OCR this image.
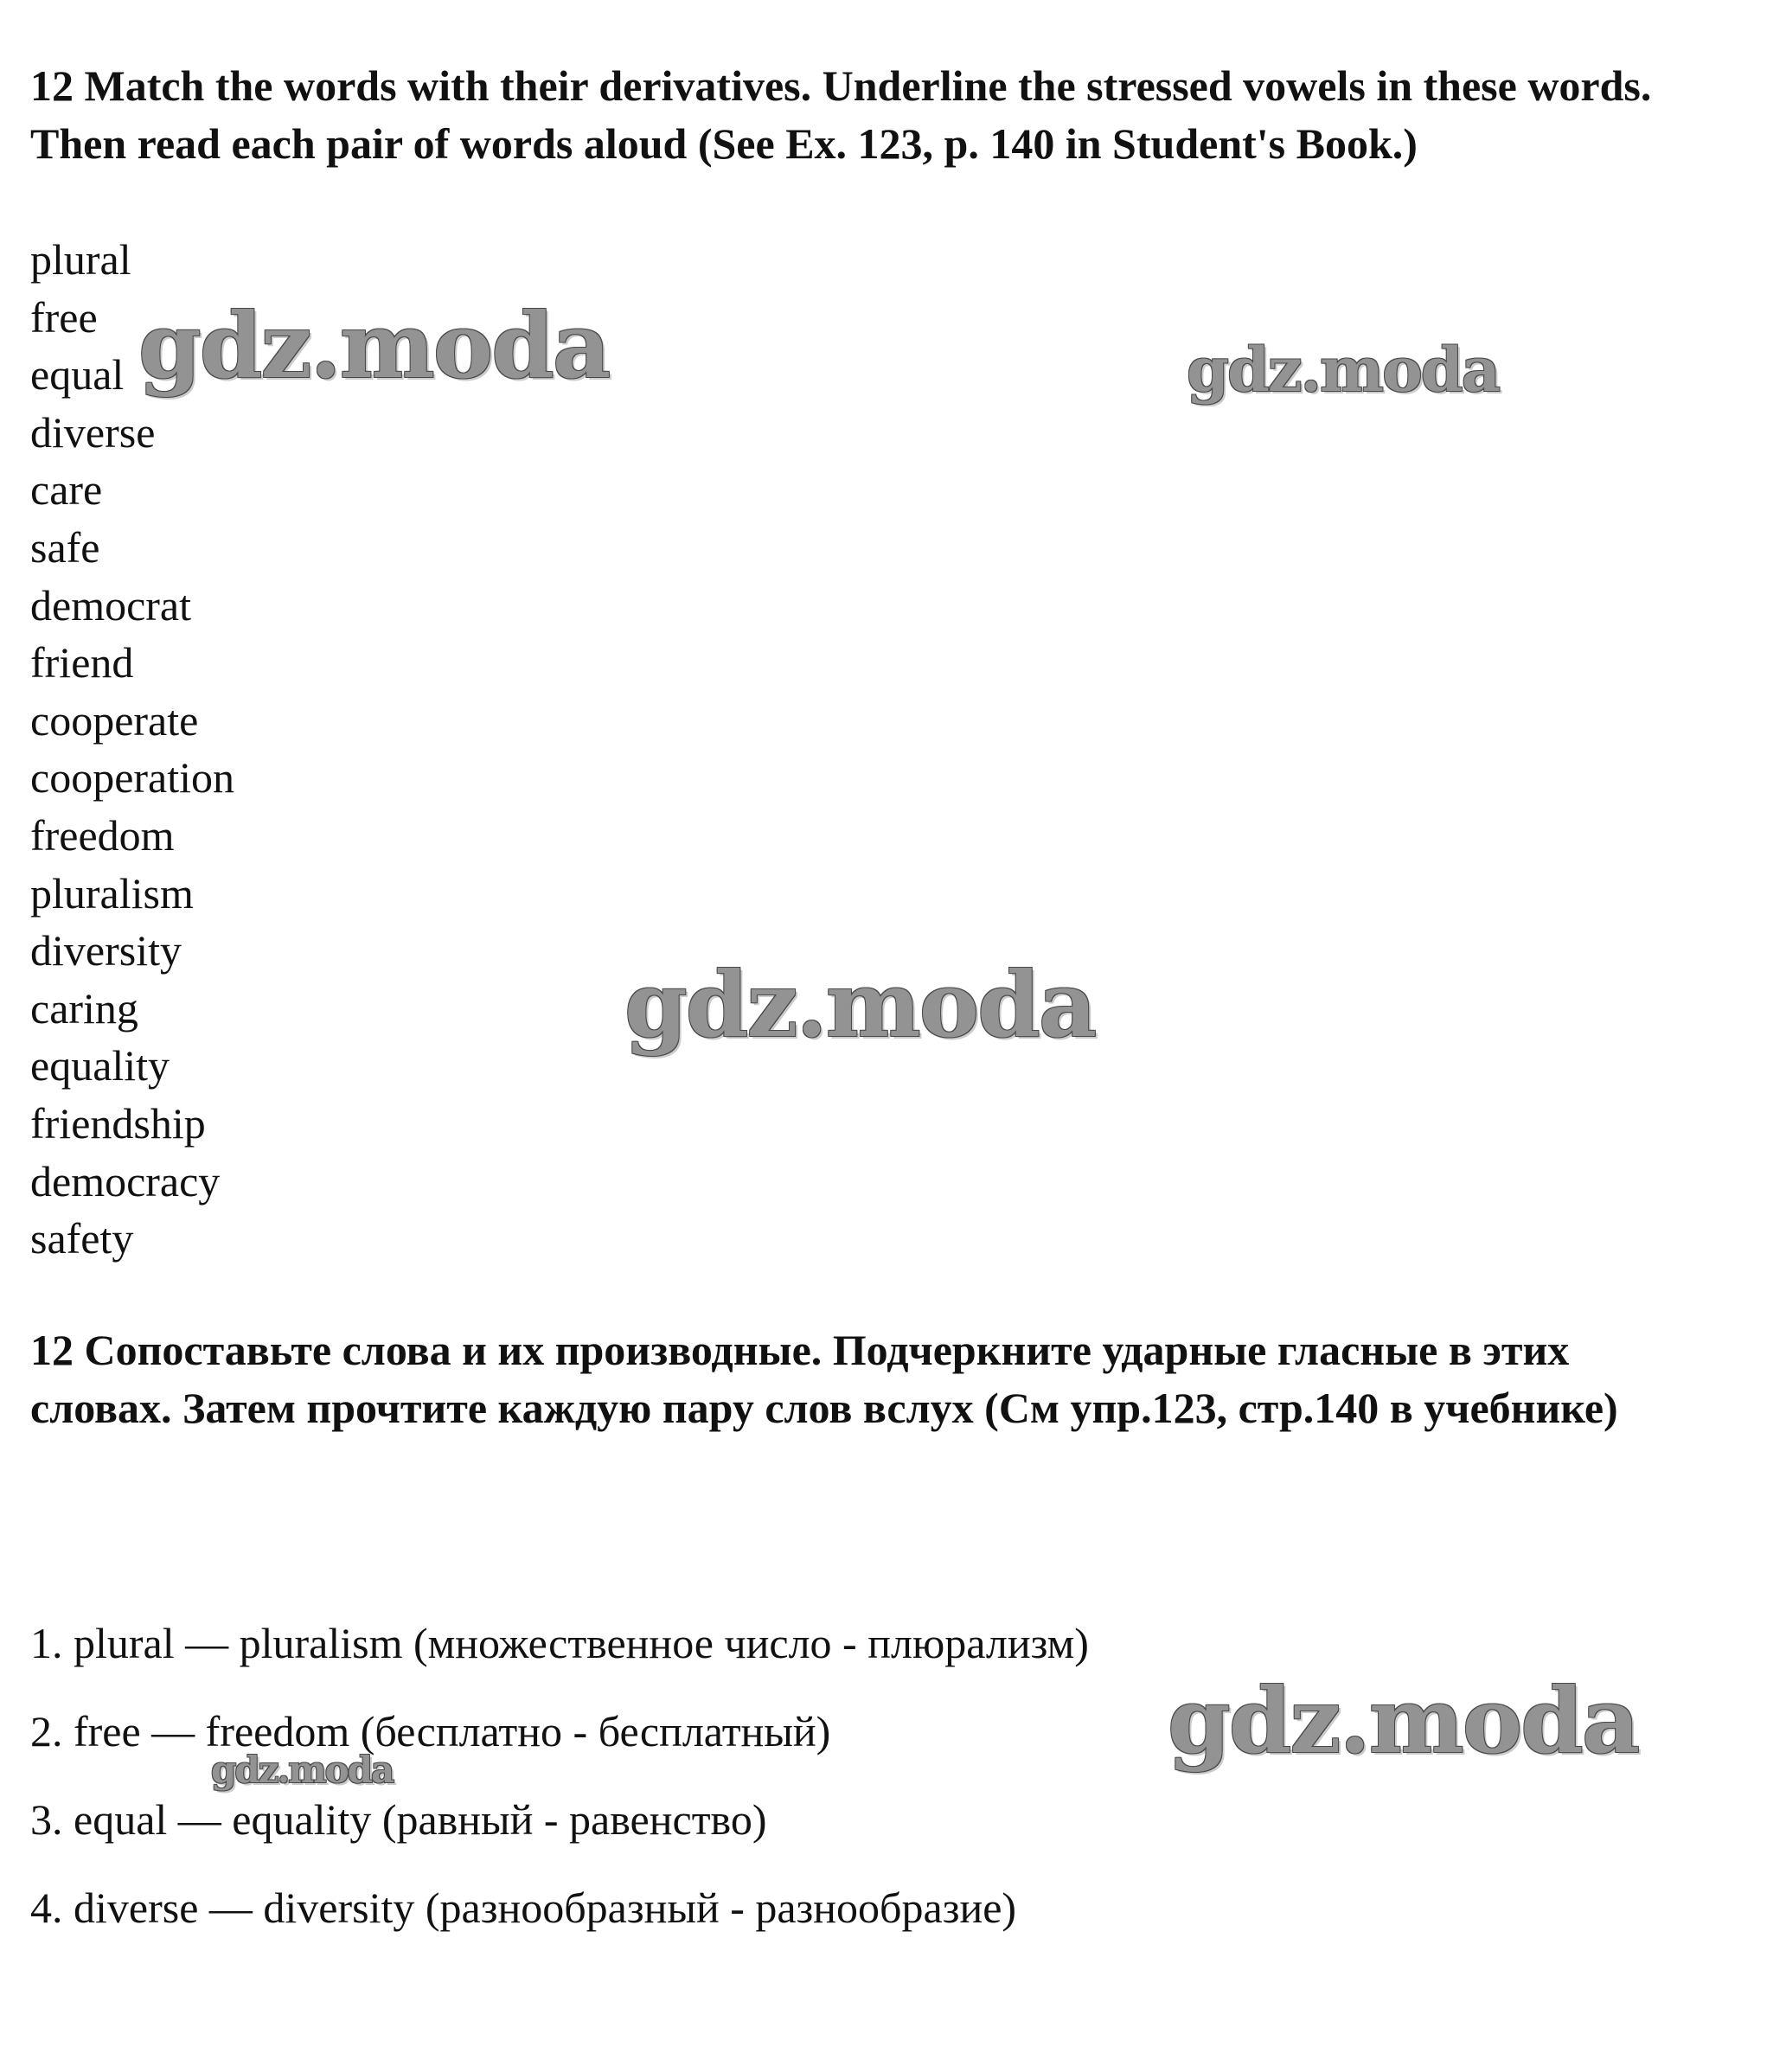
12 Match the words with their derivatives. Underline the stressed vowels in these words. Then read each pair of words aloud (See Ex. 123, p. 140 in Student's Book.)

plural
free
equal
diverse
care
safe
democrat
friend
cooperate
cooperation
freedom
pluralism
diversity
caring
equality
friendship
democracy
safety

12 Сопоставьте слова и их производные. Подчеркните ударные гласные в этих словах. Затем прочтите каждую пару слов вслух (См упр.123, стр.140 в учебнике)

1. plural — pluralism (множественное число - плюрализм)
2. free — freedom (бесплатно - бесплатный)
3. equal — equality (равный - равенство)
4. diverse — diversity (разнообразный - разнообразие)
gdz.moda	gdz.moda
gdz.moda
gdz.moda
gdz.moda
